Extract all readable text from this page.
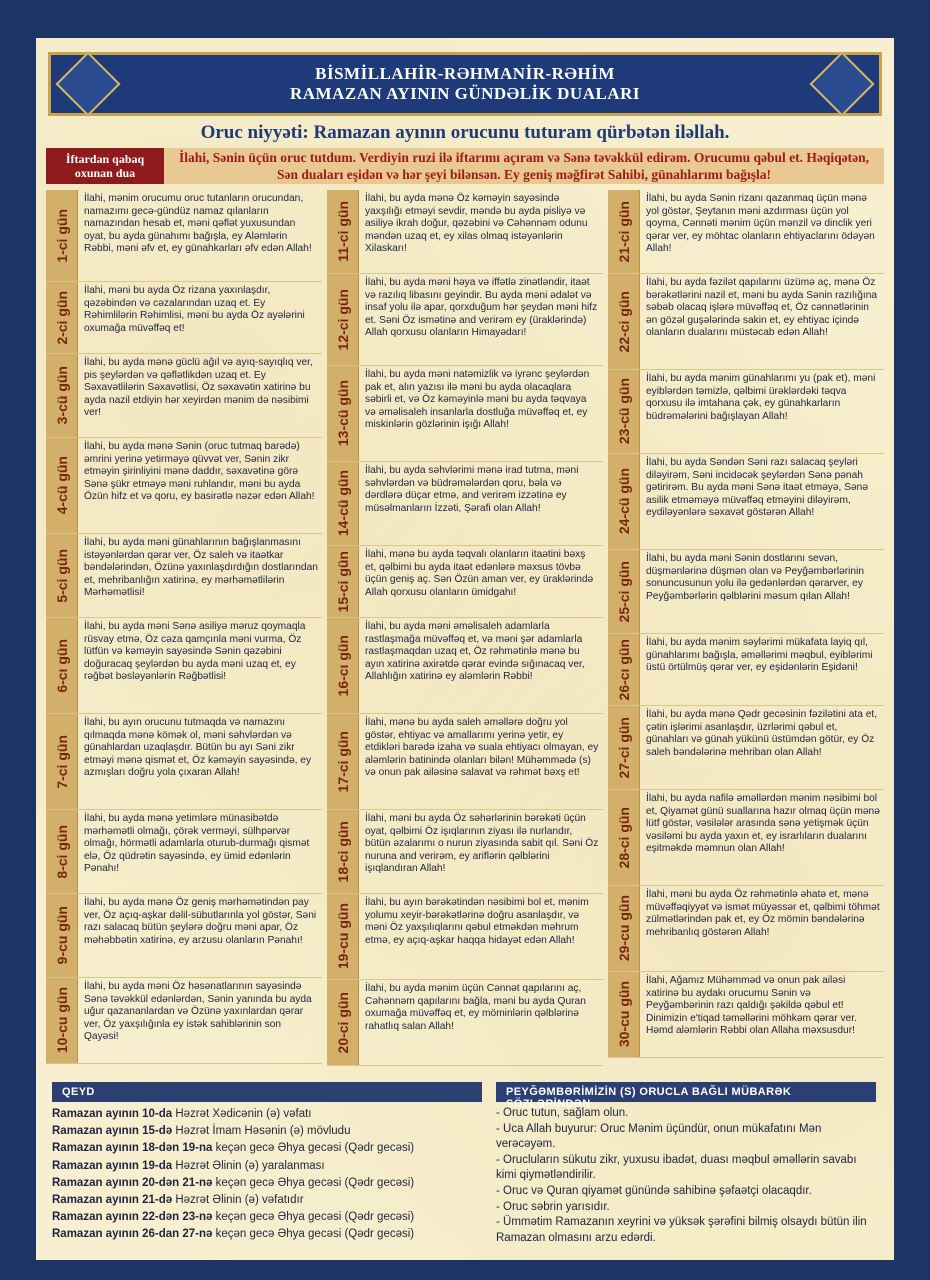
BİSMİLLAHİR-RƏHMANİR-RƏHİM
RAMAZAN AYININ GÜNDƏLİK DUALARI
Oruc niyyəti: Ramazan ayının orucunu tuturam qürbətən iləllah.
İftardan qabaq oxunan dua
İlahi, Sənin üçün oruc tutdum. Verdiyin ruzi ilə iftarımı açıram və Sənə təvəkkül edirəm. Orucumu qəbul et. Həqiqətən, Sən duaları eşidən və hər şeyi bilənsən. Ey geniş məğfirət Sahibi, günahlarımı bağışla!
1-ci gün
İlahi, mənim orucumu oruc tutanların orucundan, namazımı gecə-gündüz namaz qılanların namazından hesab et, məni qəflət yuxusundan oyat, bu ayda günahımı bağışla, ey Aləmlərin Rəbbi, məni əfv et, ey günahkarları əfv edən Allah!
2-ci gün
İlahi, məni bu ayda Öz rizana yaxınlaşdır, qəzəbindən və cəzalarından uzaq et. Ey Rəhimlilərin Rəhimlisi, məni bu ayda Öz ayələrini oxumağa müvəffəq et!
3-cü gün
İlahi, bu ayda mənə güclü ağıl və ayıq-sayıqlıq ver, pis şeylərdən və qəflətlikdən uzaq et. Ey Səxavətlilərin Səxavətlisi, Öz səxavətin xatirinə bu ayda nazil etdiyin hər xeyirdən mənim də nəsibimi ver!
4-cü gün
İlahi, bu ayda mənə Sənin (oruc tutmaq barədə) əmrini yerinə yetirməyə qüvvət ver, Sənin zikr etməyin şirinliyini mənə daddır, səxavətinə görə Sənə şükr etməyə məni ruhlandır, məni bu ayda Özün hifz et və qoru, ey basirətlə nəzər edən Allah!
5-ci gün
İlahi, bu ayda məni günahlarının bağışlanmasını istəyənlərdən qərar ver, Öz saleh və itaətkar bəndələrindən, Özünə yaxınlaşdırdığın dostlarından et, mehribanlığın xatirinə, ey mərhəmətlilərin Mərhəmətlisi!
6-cı gün
İlahi, bu ayda məni Sənə asiliyə məruz qoymaqla rüsvay etmə, Öz cəza qamçınla məni vurma, Öz lütfün və kəməyin sayəsində Sənin qəzəbini doğuracaq şeylərdən bu ayda məni uzaq et, ey rəğbət bəsləyənlərin Rəğbətlisi!
7-ci gün
İlahi, bu ayın orucunu tutmaqda və namazını qılmaqda mənə kömək ol, məni səhvlərdən və günahlardan uzaqlaşdır. Bütün bu ayı Səni zikr etməyi mənə qismət et, Öz kəməyin sayəsində, ey azmışları doğru yola çıxaran Allah!
8-ci gün
İlahi, bu ayda mənə yetimlərə münasibətdə mərhəmətli olmağı, çörək verməyi, sülhpərvər olmağı, hörmətli adamlarla oturub-durmağı qismət elə, Öz qüdrətin sayəsində, ey ümid edənlərin Pənahı!
9-cu gün
İlahi, bu ayda mənə Öz geniş mərhəmətindən pay ver, Öz açıq-aşkar dəlil-sübutlarınla yol göstər, Səni razı salacaq bütün şeylərə doğru məni apar, Öz məhəbbətin xatirinə, ey arzusu olanların Pənahı!
10-cu gün
İlahi, bu ayda məni Öz həsənatlarının sayəsində Sənə təvəkkül edənlərdən, Sənin yanında bu ayda uğur qazananlardan və Özünə yaxınlardan qərar ver, Öz yaxşılığınla ey istək sahiblərinin son Qayəsi!
11-ci gün
İlahi, bu ayda mənə Öz kəməyin sayəsində yaxşılığı etməyi sevdir, məndə bu ayda pisliyə və asiliyə ikrah doğur, qəzəbini və Cəhənnəm odunu məndən uzaq et, ey xilas olmaq istəyənlərin Xilaskarı!
12-ci gün
İlahi, bu ayda məni həya və iffətlə zinətləndir, itaət və razılıq libasını geyindir. Bu ayda məni ədalət və insaf yolu ilə apar, qorxduğum hər şeydən məni hifz et. Səni Öz ismətinə and verirəm ey (üraklərində) Allah qorxusu olanların Himayədarı!
13-cü gün
İlahi, bu ayda məni natəmizlik və iyrənc şeylərdən pak et, alın yazısı ilə məni bu ayda olacaqlara səbirli et, və Öz kəməyinlə məni bu ayda təqvaya və əməlisaleh insanlarla dostluğa müvəffəq et, ey miskinlərin gözlərinin işığı Allah!
14-cü gün	İlahi, bu ayda səhvlərimi mənə irad tutma, məni səhvlərdən və büdrəmələrdən qoru, bəla və dərdlərə düçar etmə, and verirəm izzətinə ey müsəlmanların İzzəti, Şərafi olan Allah!
15-ci gün	İlahi, mənə bu ayda təqvalı olanların itaətini bəxş et, qəlbimi bu ayda itaət edənlərə məxsus tövbə üçün geniş aç. Sən Özün aman ver, ey üraklərində Allah qorxusu olanların ümidgahı!
16-cı gün
İlahi, bu ayda məni əməlisaleh adamlarla rastlaşmağa müvəffəq et, və məni şər adamlarla rastlaşmaqdan uzaq et, Öz rəhmətinlə mənə bu ayın xatirinə axirətdə qərar evində sığınacaq ver, Allahlığın xatirinə ey aləmlərin Rəbbi!
17-ci gün
İlahi, mənə bu ayda saleh əməllərə doğru yol göstər, ehtiyac və amallarımı yerinə yetir, ey etdikləri barədə izaha və suala ehtiyacı olmayan, ey aləmlərin batinində olanları bilən! Mühəmmədə (s) və onun pak ailəsinə salavat və rəhmət bəxş et!
18-ci gün
İlahi, məni bu ayda Öz səhərlərinin bərəkəti üçün oyat, qəlbimi Öz işıqlarının ziyası ilə nurlandır, bütün əzalarımı o nurun ziyasında sabit qıl. Səni Öz nuruna and verirəm, ey ariflərin qəlblərini işıqlandıran Allah!
19-cu gün
İlahi, bu ayın bərəkətindən nəsibimi bol et, mənim yolumu xeyir-bərəkətlərinə doğru asanlaşdır, və məni Öz yaxşılıqlarını qəbul etməkdən məhrum etmə, ey açıq-aşkar haqqa hidayət edən Allah!
20-ci gün
İlahi, bu ayda mənim üçün Cənnət qapılarını aç, Cəhənnəm qapılarını bağla, məni bu ayda Quran oxumağa müvəffəq et, ey möminlərin qəlblərinə rahatlıq salan Allah!
21-ci gün
İlahi, bu ayda Sənin rizanı qazanmaq üçün mənə yol göstər, Şeytanın məni azdırması üçün yol qoyma, Cənnəti mənim üçün mənzil və dinclik yeri qərar ver, ey möhtac olanların ehtiyaclarını ödəyən Allah!
22-ci gün
İlahi, bu ayda fəzilət qapılarını üzümə aç, mənə Öz bərəkətlərini nazil et, məni bu ayda Sənin razılığına səbəb olacaq işlərə müvəffəq et, Öz cənnətlərinin ən gözəl guşələrində sakin et, ey ehtiyac içində olanların dualarını müstəcab edən Allah!
23-cü gün	İlahi, bu ayda mənim günahlarımı yu (pak et), məni eyiblərdən təmizlə, qəlbimi ürəklərdəki təqva qorxusu ilə imtahana çək, ey günahkarların büdrəmələrini bağışlayan Allah!
24-cü gün
İlahi, bu ayda Səndən Səni razı salacaq şeyləri diləyirəm, Səni incidəcək şeylərdən Sənə pənah gətirirəm. Bu ayda məni Sənə itaət etməyə, Sənə asilik etməməyə müvəffəq etməyini diləyirəm, eydiləyənlərə səxavət göstərən Allah!
25-ci gün
İlahi, bu ayda məni Sənin dostlarını sevən, düşmənlərinə düşmən olan və Peyğəmbərlərinin sonuncusunun yolu ilə gedənlərdən qərarver, ey Peyğəmbərlərin qəlblərini məsum qılan Allah!
26-cı gün	İlahi, bu ayda mənim səylərimi mükafata layiq qıl, günahlarımı bağışla, əməllərimi məqbul, eyiblərimi üstü örtülmüş qərar ver, ey eşidənlərin Eşidəni!
27-ci gün
İlahi, bu ayda mənə Qədr gecəsinin fəzilətini ata et, çətin işlərimi asanlaşdır, üzrlərimi qəbul et, günahları və günah yükünü üstümdən götür, ey Öz saleh bəndələrinə mehriban olan Allah!
28-ci gün
İlahi, bu ayda nafilə əməllərdən mənim nəsibimi bol et, Qiyamət günü suallarına hazır olmaq üçün mənə lütf göstər, vəsilələr arasında sənə yetişmək üçün vəsiləmi bu ayda yaxın et, ey israrlıların dualarını eşitməkdə məmnun olan Allah!
29-cu gün
İlahi, məni bu ayda Öz rəhmətinlə əhatə et, mənə müvəffəqiyyət və ismət müyəssər et, qəlbimi töhmət zülmətlərindən pak et, ey Öz mömin bəndələrinə mehribanlıq göstərən Allah!
30-cu gün
İlahi, Ağamız Mühəmməd və onun pak ailəsi xatirinə bu aydakı orucumu Sənin və Peyğəmbərinin razı qaldığı şəkildə qəbul et! Dinimizin e'tiqad təməllərini möhkəm qərar ver. Həmd aləmlərin Rəbbi olan Allaha məxsusdur!
QEYD
Ramazan ayının 10-da Həzrət Xədicənin (ə) vəfatı
Ramazan ayının 15-də Həzrət İmam Həsənin (ə) mövludu
Ramazan ayının 18-dən 19-na keçən gecə Əhya gecəsi (Qədr gecəsi)
Ramazan ayının 19-da Həzrət Əlinin (ə) yaralanması
Ramazan ayının 20-dən 21-nə keçən gecə Əhya gecəsi (Qədr gecəsi)
Ramazan ayının 21-də Həzrət Əlinin (ə) vəfatıdır
Ramazan ayının 22-dən 23-nə keçən gecə Əhya gecəsi (Qədr gecəsi)
Ramazan ayının 26-dan 27-nə keçən gecə Əhya gecəsi (Qədr gecəsi)
PEYĞƏMBƏRİMİZİN (S) ORUCLA BAĞLI MÜBARƏK SÖZLƏRİNDƏN
- Oruc tutun, sağlam olun.
- Uca Allah buyurur: Oruc Mənim üçündür, onun mükafatını Mən verəcəyəm.
- Orucluların sükutu zikr, yuxusu ibadət, duası məqbul əməllərin savabı kimi qiymətləndirilir.
- Oruc və Quran qiyamət günündə sahibinə şəfaətçi olacaqdır.
- Oruc səbrin yarısıdır.
- Ümmətim Ramazanın xeyrini və yüksək şərəfini bilmiş olsaydı bütün ilin Ramazan olmasını arzu edərdi.
